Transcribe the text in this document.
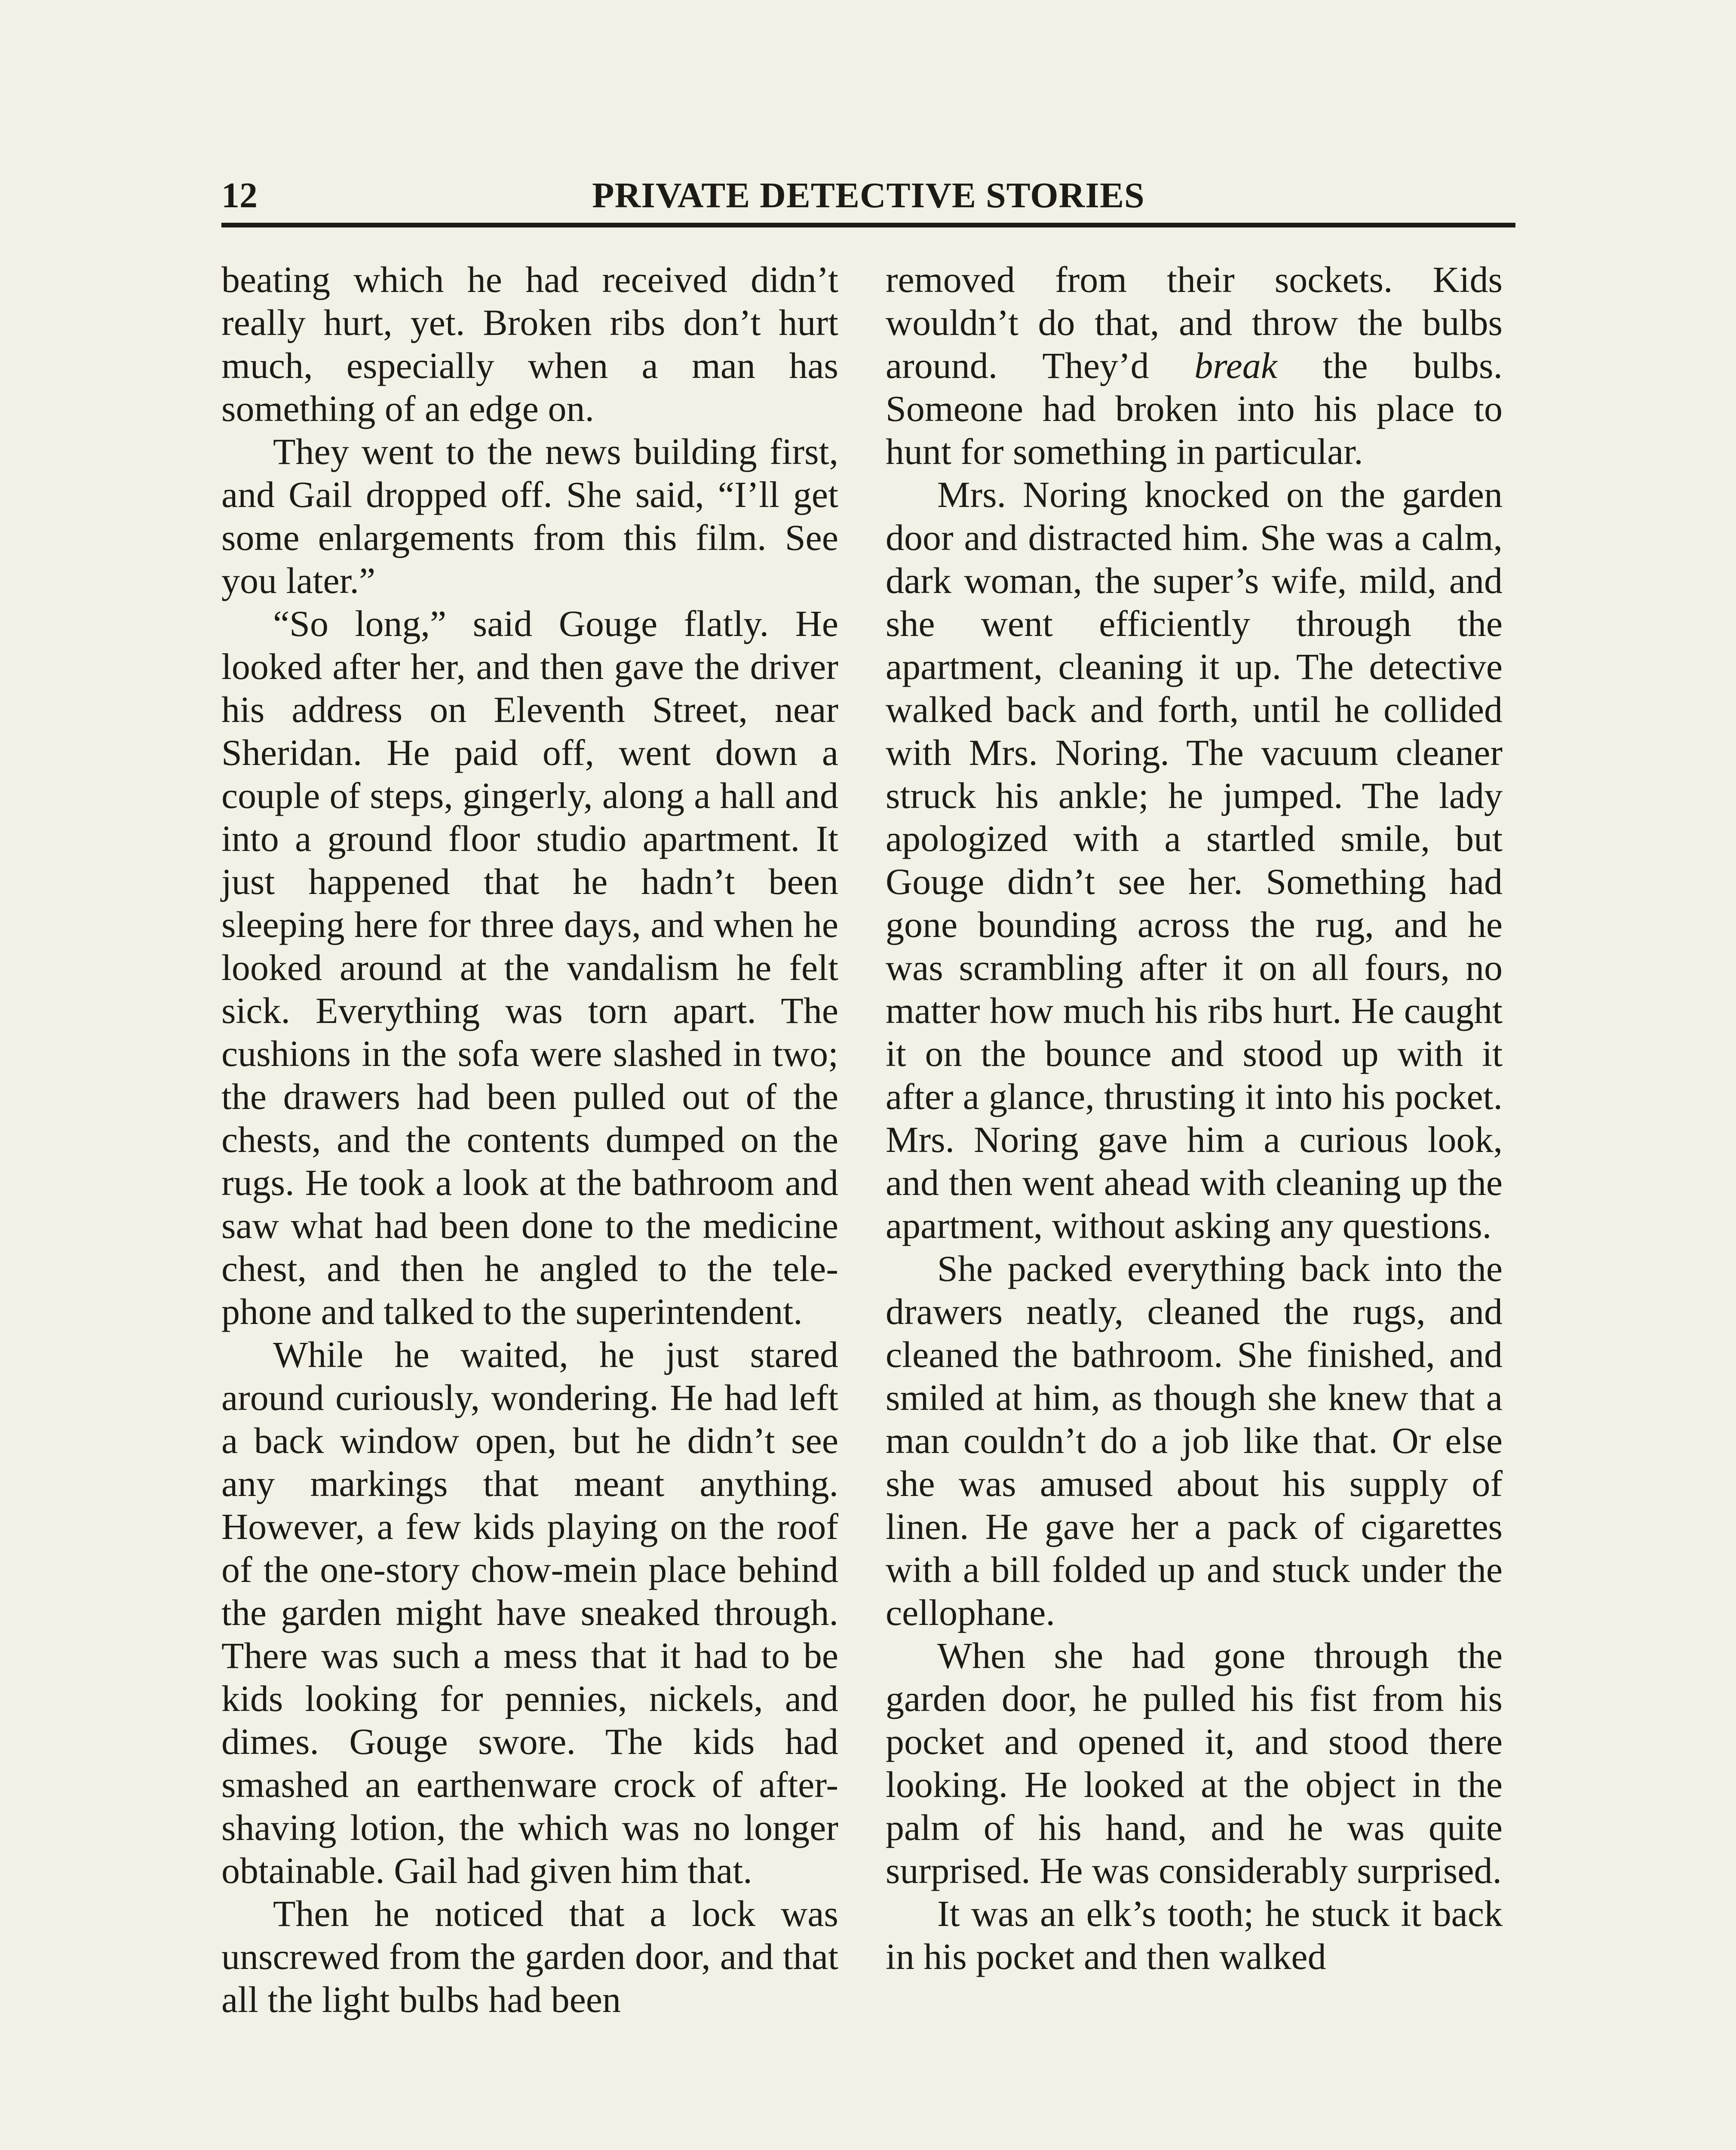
12	PRIVATE DETECTIVE STORIES

beating which he had received didn’t really hurt, yet. Broken ribs don’t hurt much, especially when a man has something of an edge on.

They went to the news building first, and Gail dropped off. She said, “I’ll get some enlargements from this film. See you later.”

“So long,” said Gouge flatly. He looked after her, and then gave the driver his address on Eleventh Street, near Sheridan. He paid off, went down a couple of steps, gingerly, along a hall and into a ground floor studio apartment. It just happened that he hadn’t been sleeping here for three days, and when he looked around at the vandalism he felt sick. Everything was torn apart. The cushions in the sofa were slashed in two; the drawers had been pulled out of the chests, and the contents dumped on the rugs. He took a look at the bathroom and saw what had been done to the medicine chest, and then he angled to the telephone and talked to the superintendent.

While he waited, he just stared around curiously, wondering. He had left a back window open, but he didn’t see any markings that meant anything. However, a few kids playing on the roof of the one-story chow-mein place behind the garden might have sneaked through. There was such a mess that it had to be kids looking for pennies, nickels, and dimes. Gouge swore. The kids had smashed an earthenware crock of after-shaving lotion, the which was no longer obtainable. Gail had given him that.

Then he noticed that a lock was unscrewed from the garden door, and that all the light bulbs had been

removed from their sockets. Kids wouldn’t do that, and throw the bulbs around. They’d break the bulbs. Someone had broken into his place to hunt for something in particular.

Mrs. Noring knocked on the garden door and distracted him. She was a calm, dark woman, the super’s wife, mild, and she went efficiently through the apartment, cleaning it up. The detective walked back and forth, until he collided with Mrs. Noring. The vacuum cleaner struck his ankle; he jumped. The lady apologized with a startled smile, but Gouge didn’t see her. Something had gone bounding across the rug, and he was scrambling after it on all fours, no matter how much his ribs hurt. He caught it on the bounce and stood up with it after a glance, thrusting it into his pocket. Mrs. Noring gave him a curious look, and then went ahead with cleaning up the apartment, without asking any questions.

She packed everything back into the drawers neatly, cleaned the rugs, and cleaned the bathroom. She finished, and smiled at him, as though she knew that a man couldn’t do a job like that. Or else she was amused about his supply of linen. He gave her a pack of cigarettes with a bill folded up and stuck under the cellophane.

When she had gone through the garden door, he pulled his fist from his pocket and opened it, and stood there looking. He looked at the object in the palm of his hand, and he was quite surprised. He was considerably surprised.

It was an elk’s tooth; he stuck it back in his pocket and then walked
